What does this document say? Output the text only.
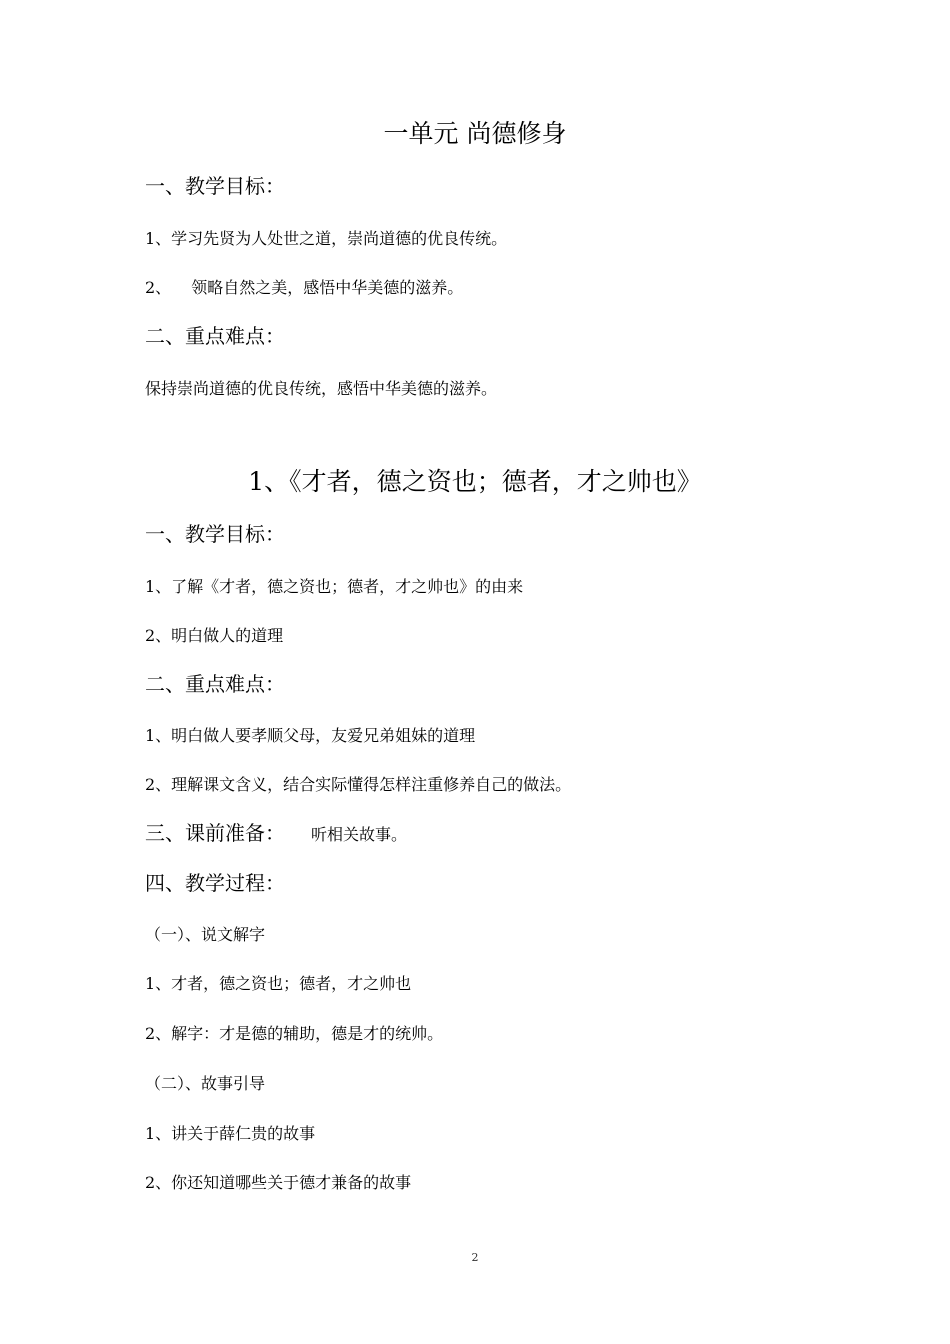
一单元 尚德修身
一、教学目标：
1、学习先贤为人处世之道，崇尚道德的优良传统。
2、 领略自然之美，感悟中华美德的滋养。
二、重点难点：
保持崇尚道德的优良传统，感悟中华美德的滋养。
1、《才者，德之资也；德者，才之帅也》
一、教学目标：
1、了解《才者，德之资也；德者，才之帅也》的由来
2、明白做人的道理
二、重点难点：
1、明白做人要孝顺父母，友爱兄弟姐妹的道理
2、理解课文含义，结合实际懂得怎样注重修养自己的做法。
三、课前准备： 听相关故事。
四、教学过程：
（一）、说文解字
1、才者，德之资也；德者，才之帅也
2、解字：才是德的辅助，德是才的统帅。
（二）、故事引导
1、讲关于薛仁贵的故事
2、你还知道哪些关于德才兼备的故事
2
